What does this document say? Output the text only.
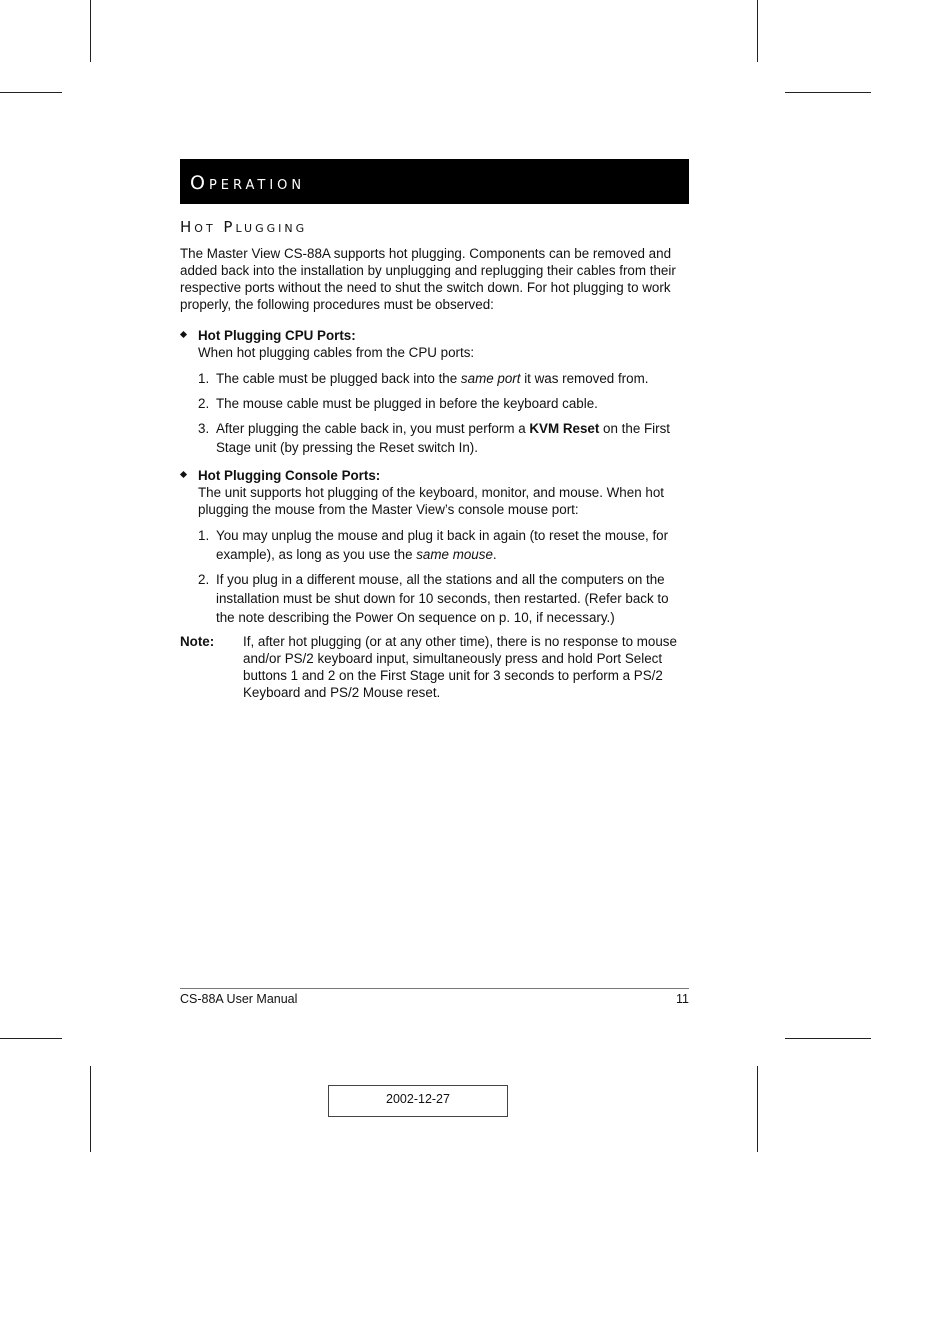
Operation
Hot Plugging

The Master View CS-88A supports hot plugging. Components can be removed and added back into the installation by unplugging and replugging their cables from their respective ports without the need to shut the switch down. For hot plugging to work properly, the following procedures must be observed:

Hot Plugging CPU Ports:

When hot plugging cables from the CPU ports:

1. The cable must be plugged back into the same port it was removed from.
2. The mouse cable must be plugged in before the keyboard cable.
3. After plugging the cable back in, you must perform a KVM Reset on the First Stage unit (by pressing the Reset switch In).

Hot Plugging Console Ports:

The unit supports hot plugging of the keyboard, monitor, and mouse. When hot plugging the mouse from the Master View’s console mouse port:

1. You may unplug the mouse and plug it back in again (to reset the mouse, for example), as long as you use the same mouse.
2. If you plug in a different mouse, all the stations and all the computers on the installation must be shut down for 10 seconds, then restarted. (Refer back to the note describing the Power On sequence on p. 10, if necessary.)

Note: If, after hot plugging (or at any other time), there is no response to mouse and/or PS/2 keyboard input, simultaneously press and hold Port Select buttons 1 and 2 on the First Stage unit for 3 seconds to perform a PS/2 Keyboard and PS/2 Mouse reset.

CS-88A User Manual	11
2002-12-27
